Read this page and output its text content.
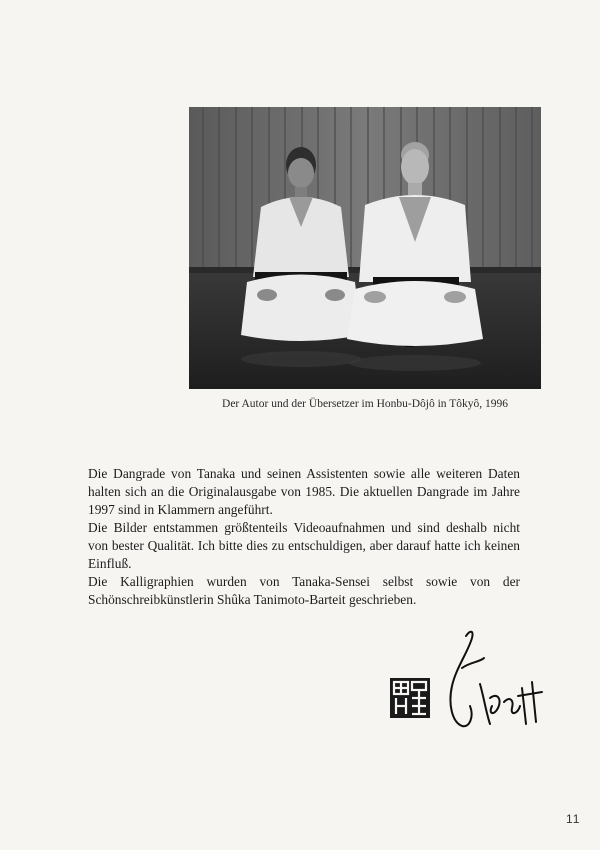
Der Autor und der Übersetzer im Honbu-Dôjô in Tôkyô, 1996

Die Dangrade von Tanaka und seinen Assistenten sowie alle weiteren Daten halten sich an die Originalausgabe von 1985. Die aktuellen Dangrade im Jahre 1997 sind in Klammern angeführt.

Die Bilder entstammen größtenteils Videoaufnahmen und sind deshalb nicht von bester Qualität. Ich bitte dies zu entschuldigen, aber darauf hatte ich keinen Einfluß.

Die Kalligraphien wurden von Tanaka-Sensei selbst sowie von der Schönschreibkünstlerin Shûka Tanimoto-Barteit geschrieben.

11
